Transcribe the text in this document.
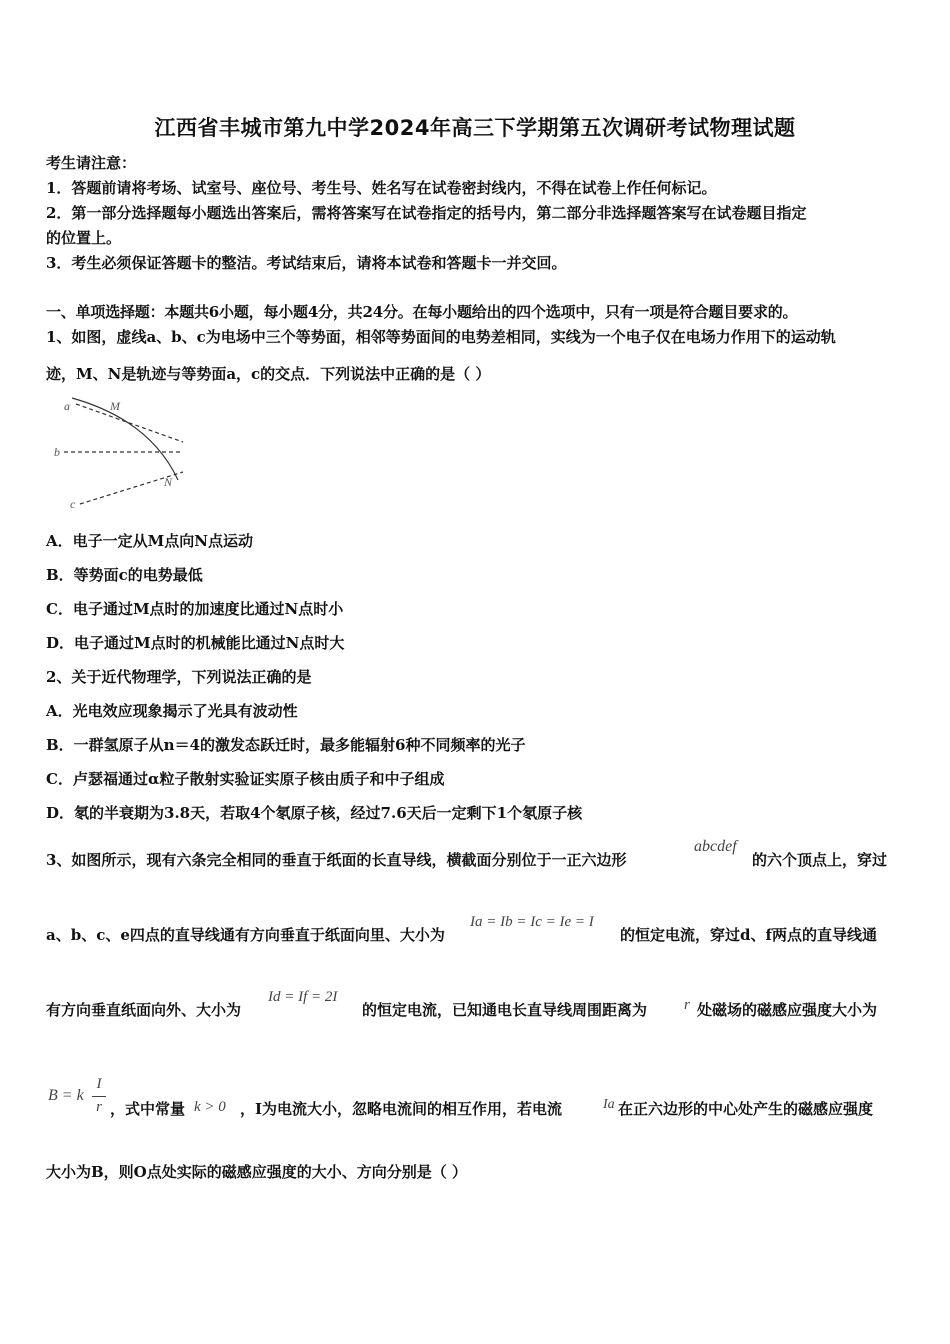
江西省丰城市第九中学2024年高三下学期第五次调研考试物理试题
考生请注意：
1．答题前请将考场、试室号、座位号、考生号、姓名写在试卷密封线内，不得在试卷上作任何标记。
2．第一部分选择题每小题选出答案后，需将答案写在试卷指定的括号内，第二部分非选择题答案写在试卷题目指定
的位置上。
3．考生必须保证答题卡的整洁。考试结束后，请将本试卷和答题卡一并交回。
一、单项选择题：本题共6小题，每小题4分，共24分。在每小题给出的四个选项中，只有一项是符合题目要求的。
1、如图，虚线a、b、c为电场中三个等势面，相邻等势面间的电势差相同，实线为一个电子仅在电场力作用下的运动轨
迹，M、N是轨迹与等势面a，c的交点．下列说法中正确的是（ ）
a
b
c
M
N
A．电子一定从M点向N点运动
B．等势面c的电势最低
C．电子通过M点时的加速度比通过N点时小
D．电子通过M点时的机械能比通过N点时大
2、关于近代物理学，下列说法正确的是
A．光电效应现象揭示了光具有波动性
B．一群氢原子从n＝4的激发态跃迁时，最多能辐射6种不同频率的光子
C．卢瑟福通过α粒子散射实验证实原子核由质子和中子组成
D．氡的半衰期为3.8天，若取4个氡原子核，经过7.6天后一定剩下1个氡原子核
3、如图所示，现有六条完全相同的垂直于纸面的长直导线，横截面分别位于一正六边形
abcdef
的六个顶点上，穿过
a、b、c、e四点的直导线通有方向垂直于纸面向里、大小为
Ia = Ib = Ic = Ie = I
的恒定电流，穿过d、f两点的直导线通
有方向垂直纸面向外、大小为
Id = If = 2I
的恒定电流，已知通电长直导线周围距离为 r 处磁场的磁感应强度大小为
B = k
I
r ，式中常量 k > 0 ，I为电流大小，忽略电流间的相互作用，若电流	Ia 在正六边形的中心处产生的磁感应强度
大小为B，则O点处实际的磁感应强度的大小、方向分别是（ ）
